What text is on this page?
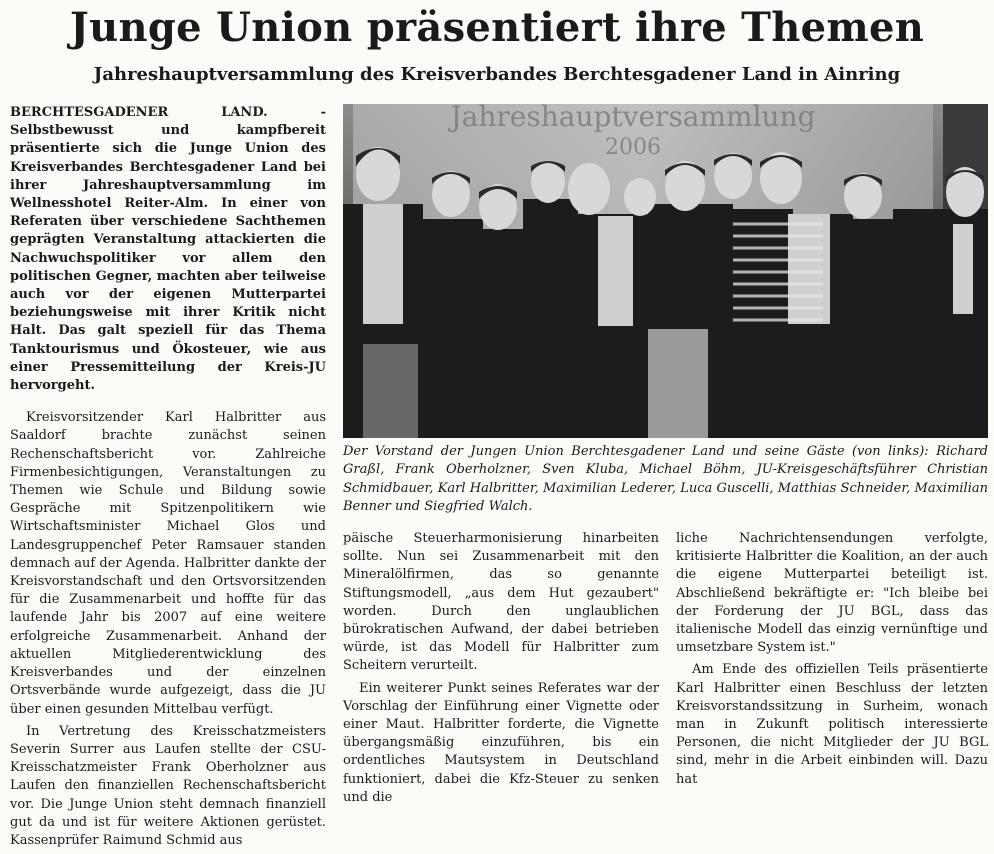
Junge Union präsentiert ihre Themen
Jahreshauptversammlung des Kreisverbandes Berchtesgadener Land in Ainring

BERCHTESGADENER LAND. - Selbstbewusst und kampfbereit präsentierte sich die Junge Union des Kreisverbandes Berchtesgadener Land bei ihrer Jahreshauptversammlung im Wellnesshotel Reiter-Alm. In einer von Referaten über verschiedene Sachthemen geprägten Veranstaltung attackierten die Nachwuchspolitiker vor allem den politischen Gegner, machten aber teilweise auch vor der eigenen Mutterpartei beziehungsweise mit ihrer Kritik nicht Halt. Das galt speziell für das Thema Tanktourismus und Ökosteuer, wie aus einer Pressemitteilung der Kreis-JU hervorgeht.

Kreisvorsitzender Karl Halbritter aus Saaldorf brachte zunächst seinen Rechenschaftsbericht vor. Zahlreiche Firmenbesichtigungen, Veranstaltungen zu Themen wie Schule und Bildung sowie Gespräche mit Spitzenpolitikern wie Wirtschaftsminister Michael Glos und Landesgruppenchef Peter Ramsauer standen demnach auf der Agenda. Halbritter dankte der Kreisvorstandschaft und den Ortsvorsitzenden für die Zusammenarbeit und hoffte für das laufende Jahr bis 2007 auf eine weitere erfolgreiche Zusammenarbeit. Anhand der aktuellen Mitgliederentwicklung des Kreisverbandes und der einzelnen Ortsverbände wurde aufgezeigt, dass die JU über einen gesunden Mittelbau verfügt.

In Vertretung des Kreisschatzmeisters Severin Surrer aus Laufen stellte der CSU-Kreisschatzmeister Frank Oberholzner aus Laufen den finanziellen Rechenschaftsbericht vor. Die Junge Union steht demnach finanziell gut da und ist für weitere Aktionen gerüstet. Kassenprüfer Raimund Schmid aus

Jahreshauptversammlung
2006

Der Vorstand der Jungen Union Berchtesgadener Land und seine Gäste (von links): Richard Graßl, Frank Oberholzner, Sven Kluba, Michael Böhm, JU-Kreisgeschäftsführer Christian Schmidbauer, Karl Halbritter, Maximilian Lederer, Luca Guscelli, Matthias Schneider, Maximilian Benner und Siegfried Walch.

päische Steuerharmonisierung hinarbeiten sollte. Nun sei Zusammenarbeit mit den Mineralölfirmen, das so genannte Stiftungsmodell, „aus dem Hut gezaubert" worden. Durch den unglaublichen bürokratischen Aufwand, der dabei betrieben würde, ist das Modell für Halbritter zum Scheitern verurteilt.

Ein weiterer Punkt seines Referates war der Vorschlag der Einführung einer Vignette oder einer Maut. Halbritter forderte, die Vignette übergangsmäßig einzuführen, bis ein ordentliches Mautsystem in Deutschland funktioniert, dabei die Kfz-Steuer zu senken und die

liche Nachrichtensendungen verfolgte, kritisierte Halbritter die Koalition, an der auch die eigene Mutterpartei beteiligt ist. Abschließend bekräftigte er: "Ich bleibe bei der Forderung der JU BGL, dass das italienische Modell das einzig vernünftige und umsetzbare System ist."

Am Ende des offiziellen Teils präsentierte Karl Halbritter einen Beschluss der letzten Kreisvorstandssitzung in Surheim, wonach man in Zukunft politisch interessierte Personen, die nicht Mitglieder der JU BGL sind, mehr in die Arbeit einbinden will. Dazu hat
